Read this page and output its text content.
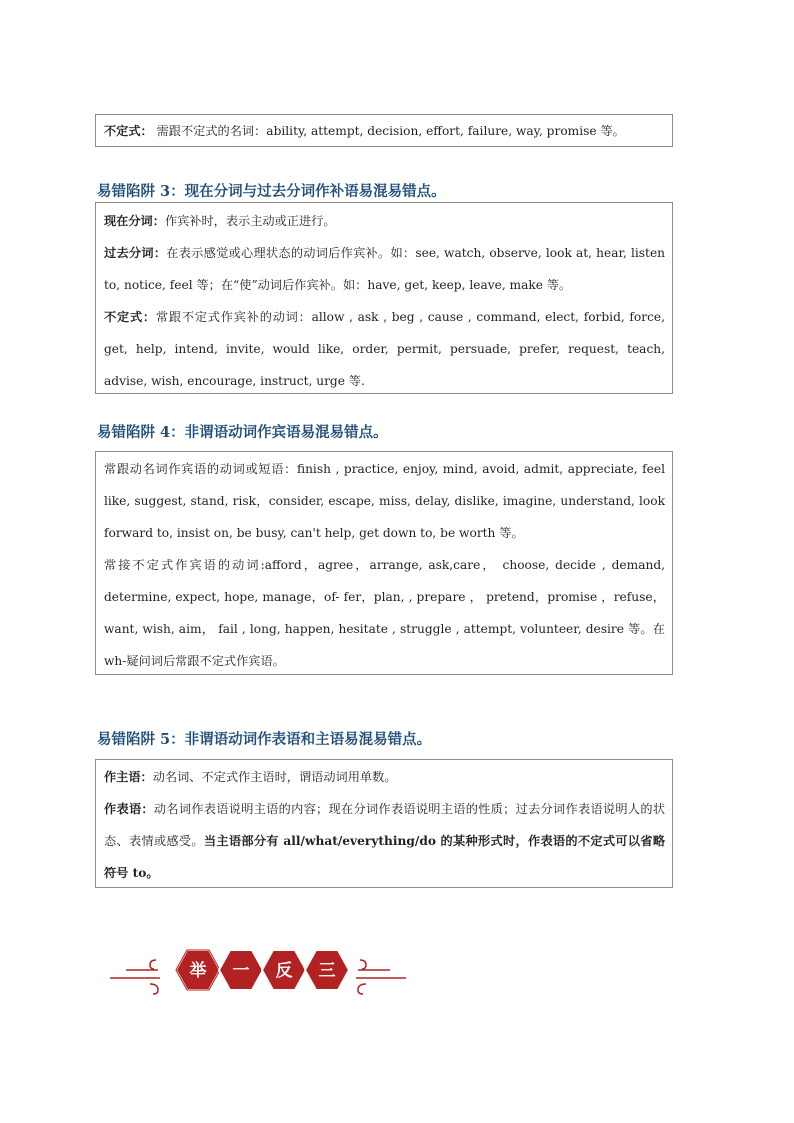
不定式： 需跟不定式的名词：ability, attempt, decision, effort, failure, way, promise 等。

易错陷阱 3：现在分词与过去分词作补语易混易错点。

现在分词：作宾补时，表示主动或正进行。

过去分词：在表示感觉或心理状态的动词后作宾补。如：see, watch, observe, look at, hear, listen to, notice, feel 等；在“使”动词后作宾补。如：have, get, keep, leave, make 等。

不定式：常跟不定式作宾补的动词：allow , ask , beg , cause , command, elect, forbid, force, get, help, intend, invite, would like, order, permit, persuade, prefer, request, teach, advise, wish, encourage, instruct, urge 等.

易错陷阱 4：非谓语动词作宾语易混易错点。

常跟动名词作宾语的动词或短语：finish , practice, enjoy, mind, avoid, admit, appreciate, feel like, suggest, stand, risk，consider, escape, miss, delay, dislike, imagine, understand, look forward to, insist on, be busy, can't help, get down to, be worth 等。

常接不定式作宾语的动词:afford，agree，arrange, ask,care， choose, decide , demand, determine, expect, hope, manage，of- fer，plan, , prepare ， pretend，promise ，refuse，want, wish, aim， fail , long, happen, hesitate , struggle , attempt, volunteer, desire 等。在 wh-疑问词后常跟不定式作宾语。

易错陷阱 5：非谓语动词作表语和主语易混易错点。

作主语：动名词、不定式作主语时，谓语动词用单数。

作表语：动名词作表语说明主语的内容；现在分词作表语说明主语的性质；过去分词作表语说明人的状态、表情或感受。当主语部分有 all/what/everything/do 的某种形式时，作表语的不定式可以省略符号 to。

举 一 反 三
